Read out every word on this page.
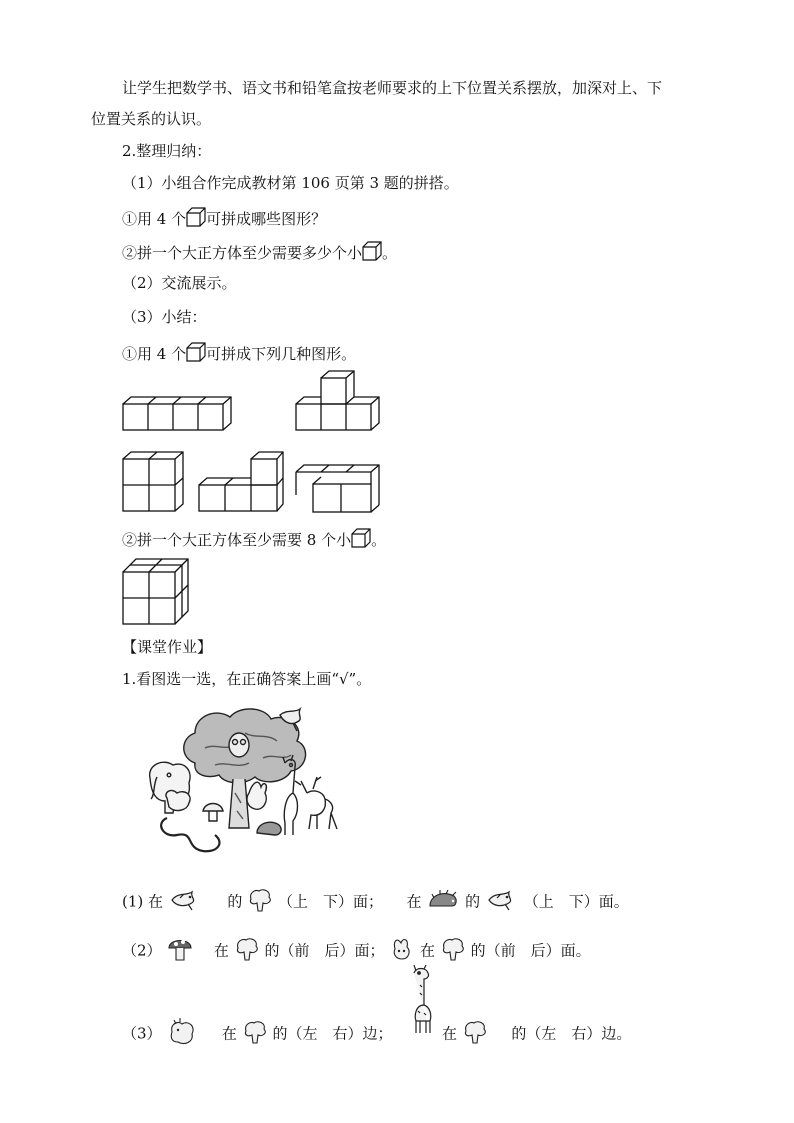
让学生把数学书、语文书和铅笔盒按老师要求的上下位置关系摆放，加深对上、下
位置关系的认识。
2.整理归纳：
（1）小组合作完成教材第 106 页第 3 题的拼搭。
①用 4 个 可拼成哪些图形？
②拼一个大正方体至少需要多少个小 。
（2）交流展示。
（3）小结：
①用 4 个 可拼成下列几种图形。
②拼一个大正方体至少需要 8 个小 。
【课堂作业】
1.看图选一选，在正确答案上画“√”。
(1) 在	的 （上　下）面； 在	的	（上　下）面。
（2）	在 的（前　后）面； 在 的（前　后）面。
（3）	在 的（左　右）边；	在	的（左　右）边。
